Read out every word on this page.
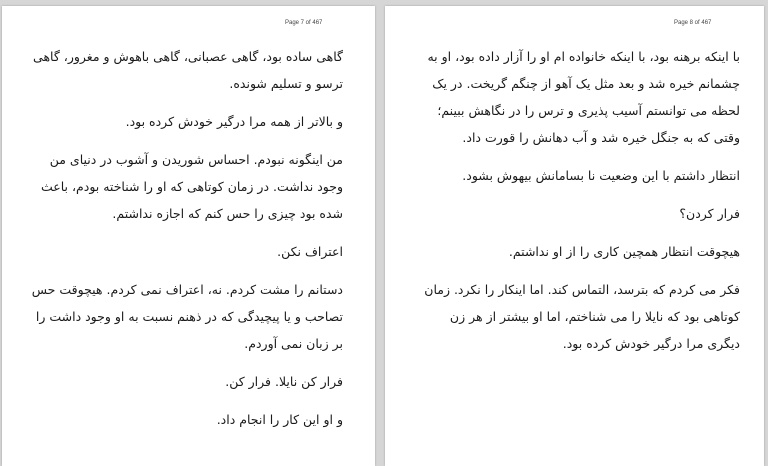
Page 7 of 467

گاهی ساده بود، گاهی عصبانی، گاهی باهوش و مغرور، گاهی ترسو و تسلیم شونده.

و بالاتر از همه مرا درگیر خودش کرده بود.

من اینگونه نبودم. احساس شوریدن و آشوب در دنیای من وجود نداشت. در زمان کوتاهی که او را شناخته بودم، باعث شده بود چیزی را حس کنم که اجازه نداشتم.

اعتراف نکن.

دستانم را مشت کردم. نه، اعتراف نمی کردم. هیچوقت حس تصاحب و یا پیچیدگی که در ذهنم نسبت به او وجود داشت را بر زبان نمی آوردم.

فرار کن نایلا. فرار کن.

و او این کار را انجام داد.

Page 8 of 467

با اینکه برهنه بود، با اینکه خانواده ام او را آزار داده بود، او به چشمانم خیره شد و بعد مثل یک آهو از چنگم گریخت. در یک لحظه می توانستم آسیب پذیری و ترس را در نگاهش ببینم؛ وقتی که به جنگل خیره شد و آب دهانش را قورت داد.

انتظار داشتم با این وضعیت نا بسامانش بیهوش بشود.

فرار کردن؟

هیچوقت انتظار همچین کاری را از او نداشتم.

فکر می کردم که بترسد، التماس کند. اما اینکار را نکرد. زمان کوتاهی بود که نایلا را می شناختم، اما او بیشتر از هر زن دیگری مرا درگیر خودش کرده بود.
